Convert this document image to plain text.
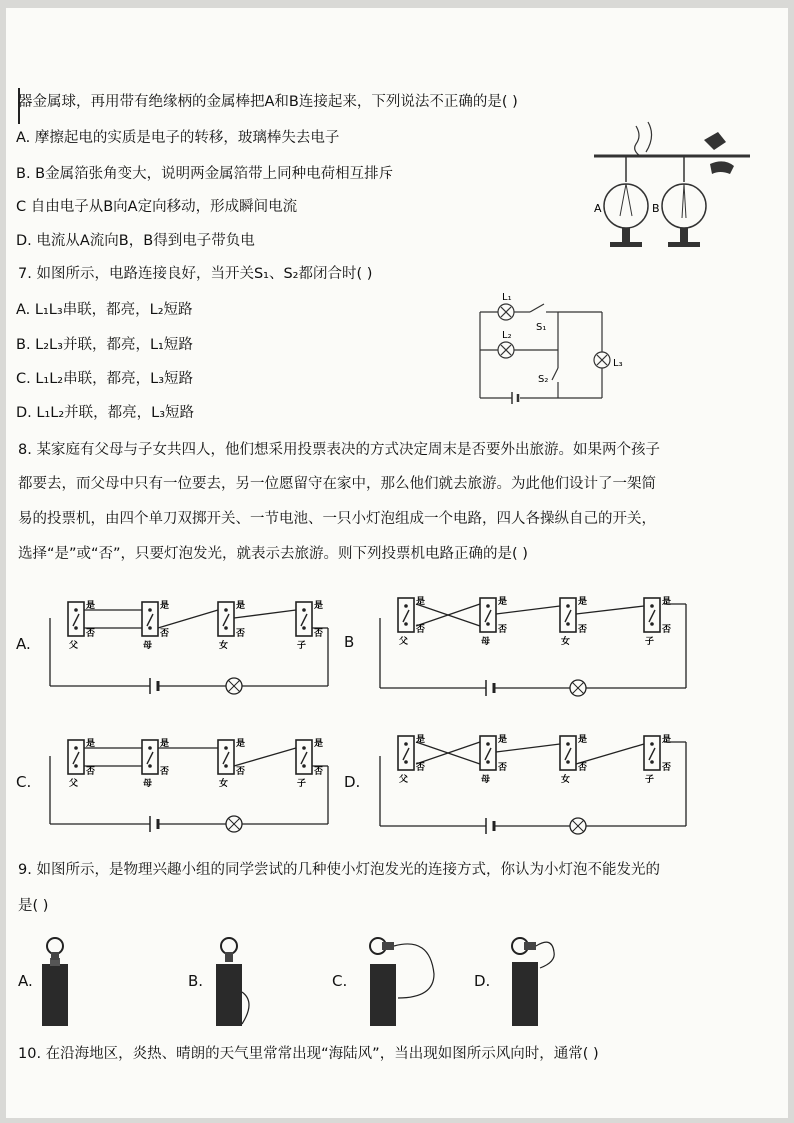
器金属球，再用带有绝缘柄的金属棒把A和B连接起来，下列说法不正确的是( )
A. 摩擦起电的实质是电子的转移，玻璃棒失去电子
B. B金属箔张角变大，说明两金属箔带上同种电荷相互排斥
C 自由电子从B向A定向移动，形成瞬间电流
D. 电流从A流向B，B得到电子带负电
A	B
7. 如图所示，电路连接良好，当开关S₁、S₂都闭合时( )
A. L₁L₃串联，都亮，L₂短路
B. L₂L₃并联，都亮，L₁短路
C. L₁L₂串联，都亮，L₃短路
D. L₁L₂并联，都亮，L₃短路
L₁
L₂
L₃
S₁
S₂
8. 某家庭有父母与子女共四人，他们想采用投票表决的方式决定周末是否要外出旅游。如果两个孩子
都要去，而父母中只有一位要去，另一位愿留守在家中，那么他们就去旅游。为此他们设计了一架简
易的投票机，由四个单刀双掷开关、一节电池、一只小灯泡组成一个电路，四人各操纵自己的开关，
选择“是”或“否”，只要灯泡发光，就表示去旅游。则下列投票机电路正确的是( )
A.	B
C.	D.
是
否
父
是
否
母
是
否
女
是
否
子
是
否
父
是
否
母
是
否
女
是
否
子
是
否
父
是
否
母
是
否
女
是
否
子
是
否
父
是
否
母
是
否
女
是
否
子
9. 如图所示，是物理兴趣小组的同学尝试的几种使小灯泡发光的连接方式，你认为小灯泡不能发光的
是( )
A.	B.	C.	D.
10. 在沿海地区，炎热、晴朗的天气里常常出现“海陆风”，当出现如图所示风向时，通常( )
